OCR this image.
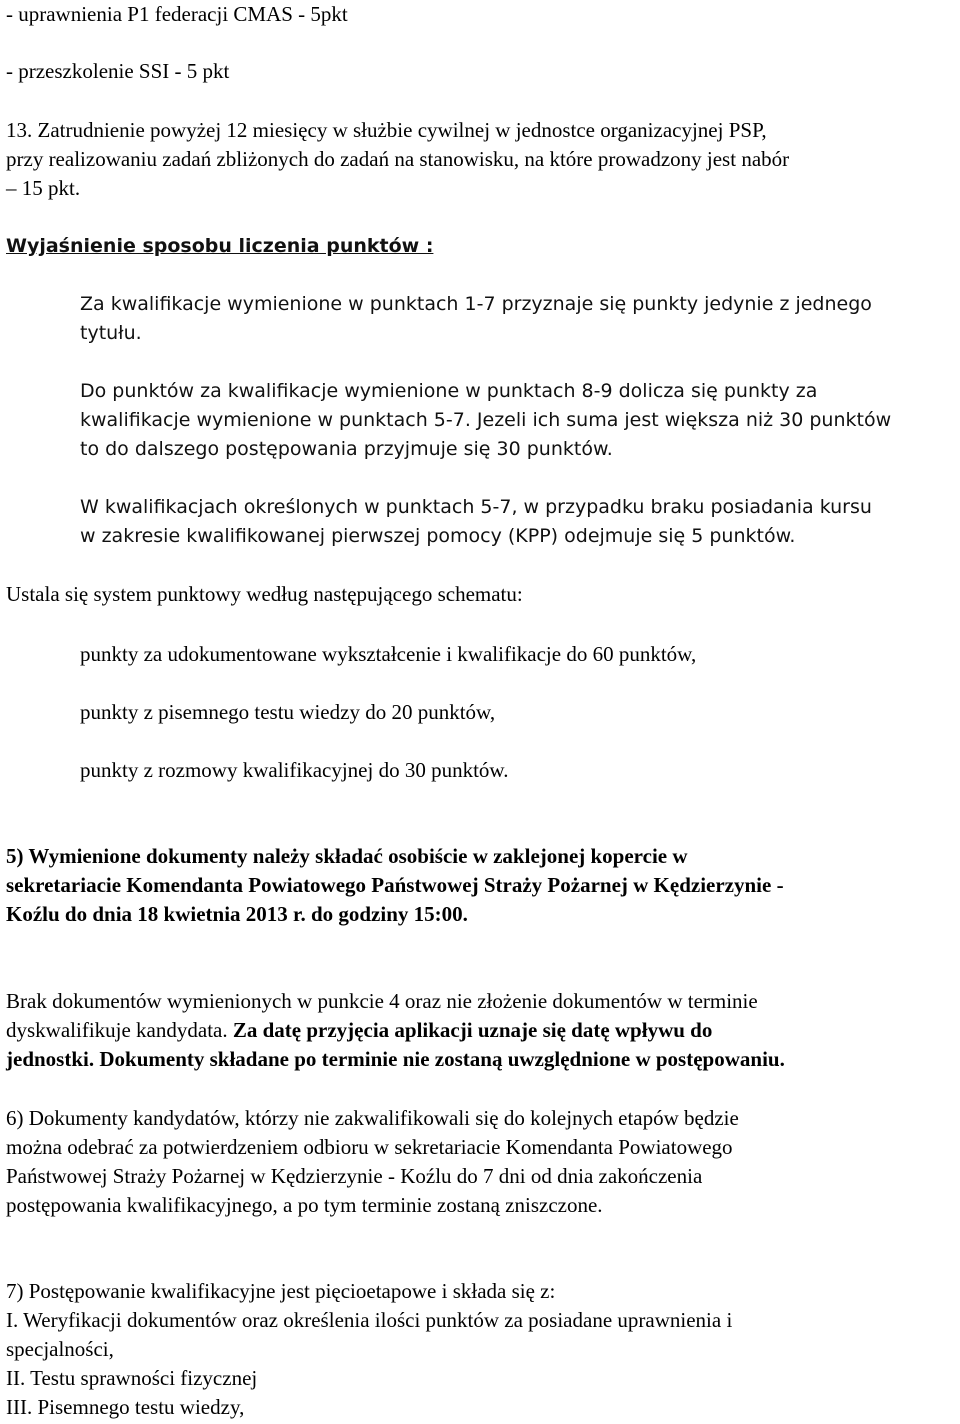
- uprawnienia P1 federacji CMAS - 5pkt
- przeszkolenie SSI - 5 pkt
13. Zatrudnienie powyżej 12 miesięcy w służbie cywilnej w jednostce organizacyjnej PSP,
przy realizowaniu zadań zbliżonych do zadań na stanowisku, na które prowadzony jest nabór
– 15 pkt.
Wyjaśnienie sposobu liczenia punktów :
Za kwalifikacje wymienione w punktach 1-7 przyznaje się punkty jedynie z jednego
tytułu.
Do punktów za kwalifikacje wymienione w punktach 8-9 dolicza się punkty za
kwalifikacje wymienione w punktach 5-7. Jezeli ich suma jest większa niż 30 punktów
to do dalszego postępowania przyjmuje się 30 punktów.
W kwalifikacjach określonych w punktach 5-7, w przypadku braku posiadania kursu
w zakresie kwalifikowanej pierwszej pomocy (KPP) odejmuje się 5 punktów.
Ustala się system punktowy według następującego schematu:
punkty za udokumentowane wykształcenie i kwalifikacje do 60 punktów,
punkty z pisemnego testu wiedzy do 20 punktów,
punkty z rozmowy kwalifikacyjnej do 30 punktów.
5) Wymienione dokumenty należy składać osobiście w zaklejonej kopercie w
sekretariacie Komendanta Powiatowego Państwowej Straży Pożarnej w Kędzierzynie -
Koźlu do dnia 18 kwietnia 2013 r. do godziny 15:00.
Brak dokumentów wymienionych w punkcie 4 oraz nie złożenie dokumentów w terminie
dyskwalifikuje kandydata. Za datę przyjęcia aplikacji uznaje się datę wpływu do
jednostki. Dokumenty składane po terminie nie zostaną uwzględnione w postępowaniu.
6) Dokumenty kandydatów, którzy nie zakwalifikowali się do kolejnych etapów będzie
można odebrać za potwierdzeniem odbioru w sekretariacie Komendanta Powiatowego
Państwowej Straży Pożarnej w Kędzierzynie - Koźlu do 7 dni od dnia zakończenia
postępowania kwalifikacyjnego, a po tym terminie zostaną zniszczone.
7) Postępowanie kwalifikacyjne jest pięcioetapowe i składa się z:
I. Weryfikacji dokumentów oraz określenia ilości punktów za posiadane uprawnienia i
specjalności,
II. Testu sprawności fizycznej
III. Pisemnego testu wiedzy,
